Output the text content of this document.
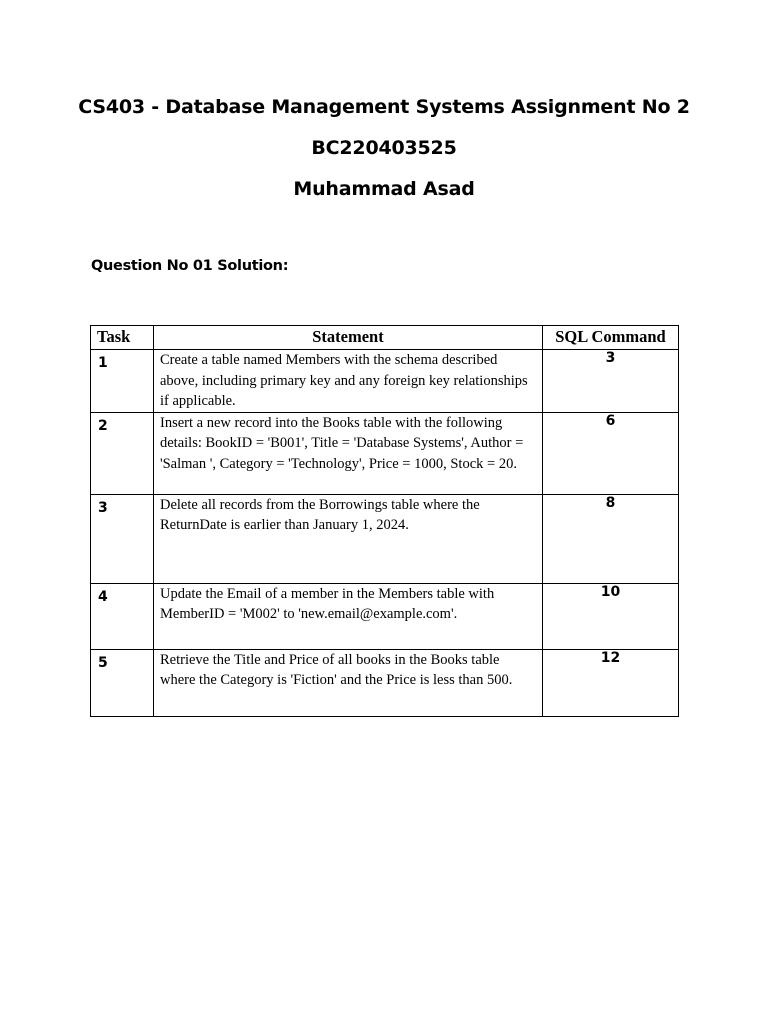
CS403 - Database Management Systems Assignment No 2
BC220403525
Muhammad Asad
Question No 01 Solution:
Task	Statement	SQL Command
1	Create a table named Members with the schema described above, including primary key and any foreign key relationships if applicable.	3
2	Insert a new record into the Books table with the following details: BookID = 'B001', Title = 'Database Systems', Author = 'Salman ', Category = 'Technology', Price = 1000, Stock = 20.	6
3	Delete all records from the Borrowings table where the ReturnDate is earlier than January 1, 2024.	8
4	Update the Email of a member in the Members table with MemberID = 'M002' to 'new.email@example.com'.	10
5	Retrieve the Title and Price of all books in the Books table where the Category is 'Fiction' and the Price is less than 500.	12
